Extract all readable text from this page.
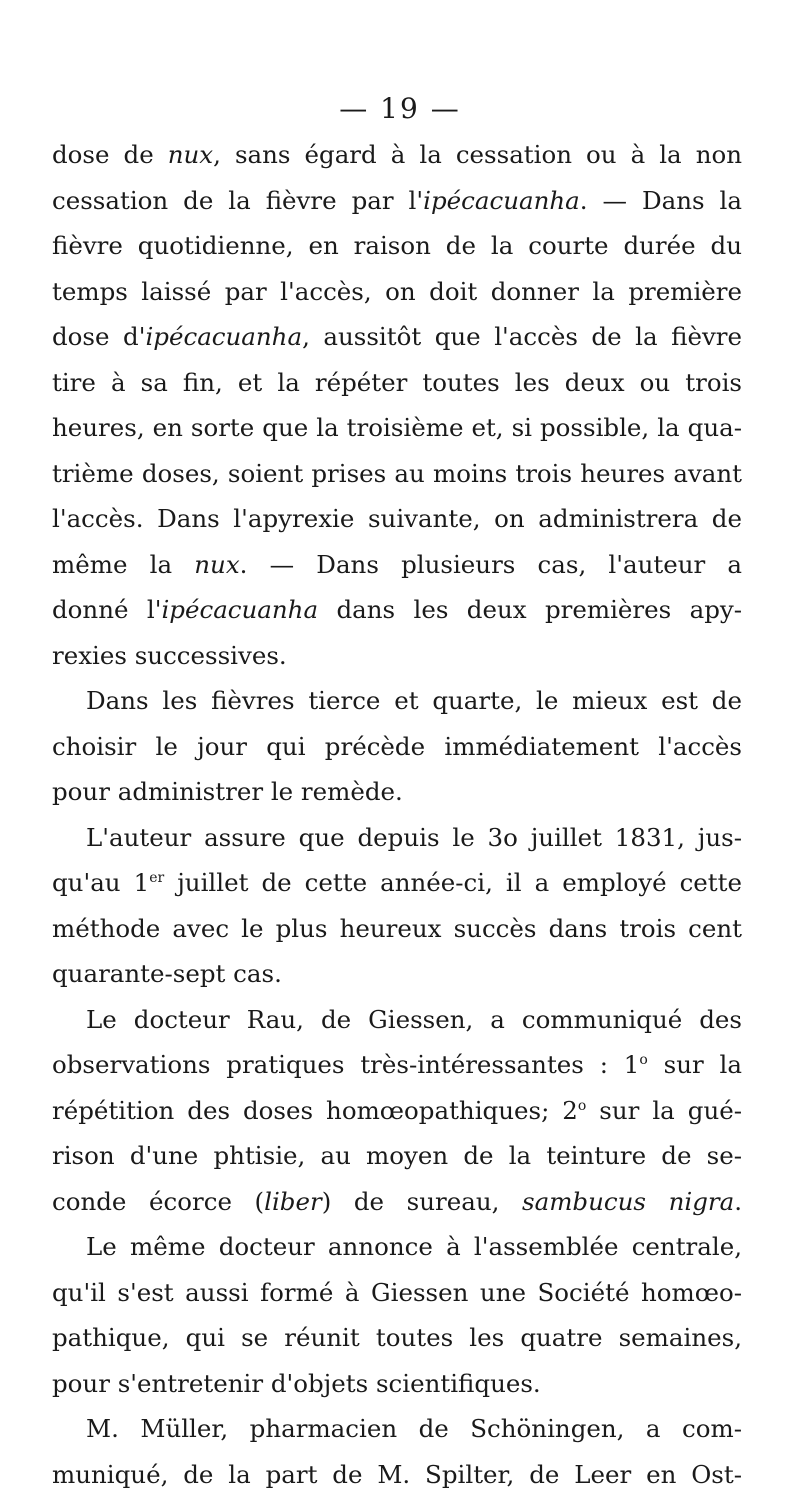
— 19 —
dose de nux, sans égard à la cessation ou à la non
cessation de la fièvre par l'ipécacuanha. — Dans la
fièvre quotidienne, en raison de la courte durée du
temps laissé par l'accès, on doit donner la première
dose d'ipécacuanha, aussitôt que l'accès de la fièvre
tire à sa fin, et la répéter toutes les deux ou trois
heures, en sorte que la troisième et, si possible, la qua-
trième doses, soient prises au moins trois heures avant
l'accès. Dans l'apyrexie suivante, on administrera de
même la nux. — Dans plusieurs cas, l'auteur a
donné l'ipécacuanha dans les deux premières apy-
rexies successives.
Dans les fièvres tierce et quarte, le mieux est de
choisir le jour qui précède immédiatement l'accès
pour administrer le remède.
L'auteur assure que depuis le 3o juillet 1831, jus-
qu'au 1er juillet de cette année-ci, il a employé cette
méthode avec le plus heureux succès dans trois cent
quarante-sept cas.
Le docteur Rau, de Giessen, a communiqué des
observations pratiques très-intéressantes : 1$^o$ sur la
répétition des doses homœopathiques; 2$^o$ sur la gué-
rison d'une phtisie, au moyen de la teinture de se-
conde écorce (liber) de sureau, sambucus nigra.
Le même docteur annonce à l'assemblée centrale,
qu'il s'est aussi formé à Giessen une Société homœo-
pathique, qui se réunit toutes les quatre semaines,
pour s'entretenir d'objets scientifiques.
M. Müller, pharmacien de Schöningen, a com-
muniqué, de la part de M. Spilter, de Leer en Ost-
